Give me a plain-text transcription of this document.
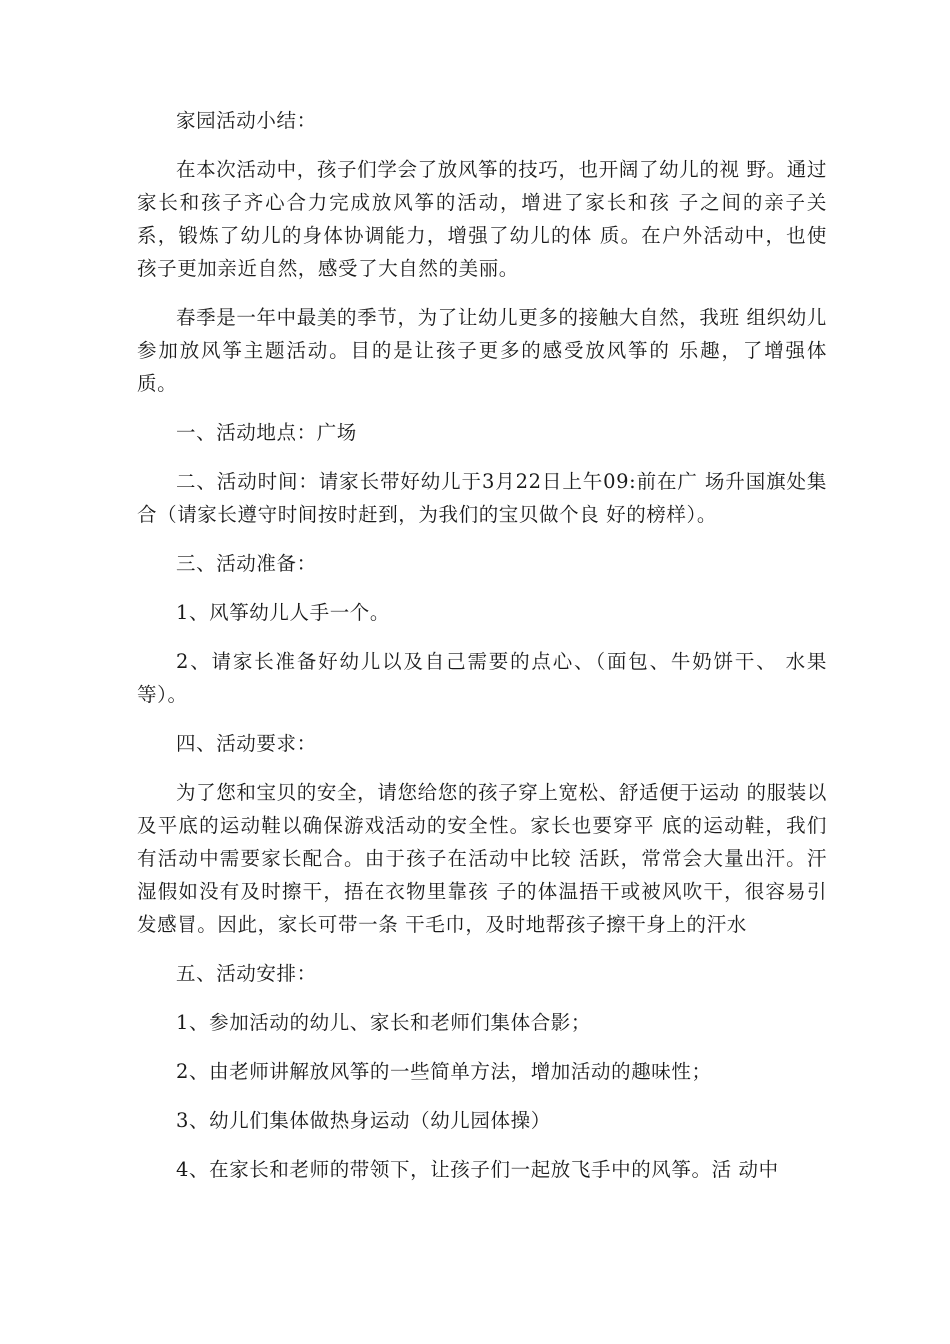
家园活动小结：

在本次活动中，孩子们学会了放风筝的技巧，也开阔了幼儿的视 野。通过家长和孩子齐心合力完成放风筝的活动，增进了家长和孩 子之间的亲子关系，锻炼了幼儿的身体协调能力，增强了幼儿的体 质。在户外活动中，也使孩子更加亲近自然，感受了大自然的美丽。

春季是一年中最美的季节，为了让幼儿更多的接触大自然，我班 组织幼儿参加放风筝主题活动。目的是让孩子更多的感受放风筝的 乐趣，了增强体质。

一、活动地点：广场

二、活动时间：请家长带好幼儿于3月22日上午09:前在广 场升国旗处集合（请家长遵守时间按时赶到，为我们的宝贝做个良 好的榜样）。

三、活动准备：

1、风筝幼儿人手一个。

2、请家长准备好幼儿以及自己需要的点心、（面包、牛奶饼干、 水果等）。

四、活动要求：

为了您和宝贝的安全，请您给您的孩子穿上宽松、舒适便于运动 的服装以及平底的运动鞋以确保游戏活动的安全性。家长也要穿平 底的运动鞋，我们有活动中需要家长配合。由于孩子在活动中比较 活跃，常常会大量出汗。汗湿假如没有及时擦干，捂在衣物里靠孩 子的体温捂干或被风吹干，很容易引发感冒。因此，家长可带一条 干毛巾，及时地帮孩子擦干身上的汗水

五、活动安排：

1、参加活动的幼儿、家长和老师们集体合影；

2、由老师讲解放风筝的一些简单方法，增加活动的趣味性；

3、幼儿们集体做热身运动（幼儿园体操）

4、在家长和老师的带领下，让孩子们一起放飞手中的风筝。活 动中
